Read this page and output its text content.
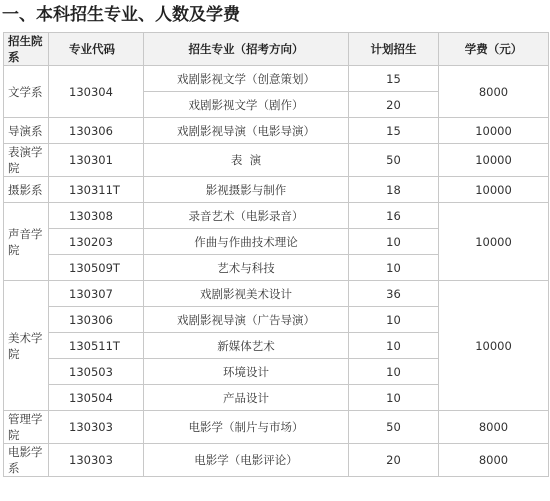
一、本科招生专业、人数及学费
招生院系	专业代码	招生专业（招考方向）	计划招生	学费（元）
文学系	130304	戏剧影视文学（创意策划）	15	8000
		戏剧影视文学（剧作）	20	
导演系	130306	戏剧影视导演（电影导演）	15	10000
表演学院	130301	表  演	50	10000
摄影系	130311T	影视摄影与制作	18	10000
声音学院	130308	录音艺术（电影录音）	16	10000
	130203	作曲与作曲技术理论	10	
	130509T	艺术与科技	10	
美术学院	130307	戏剧影视美术设计	36	10000
	130306	戏剧影视导演（广告导演）	10	
	130511T	新媒体艺术	10	
	130503	环境设计	10	
	130504	产品设计	10	
管理学院	130303	电影学（制片与市场）	50	8000
电影学系	130303	电影学（电影评论）	20	8000
